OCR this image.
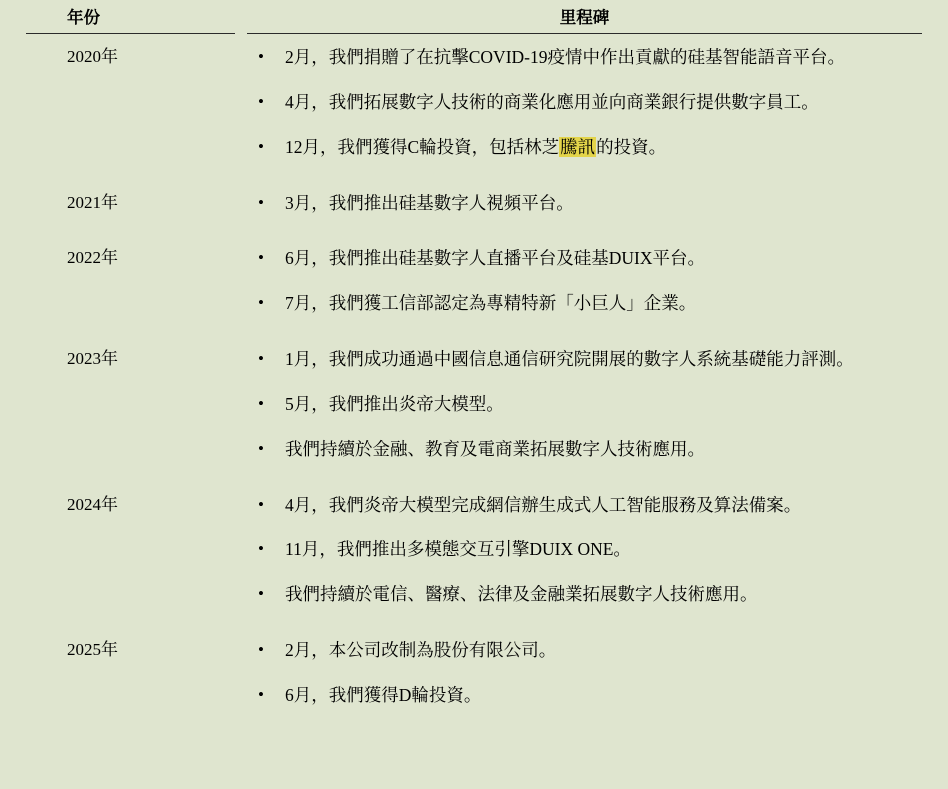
年份	里程碑

2020年	•	2月，我們捐贈了在抗擊COVID-19疫情中作出貢獻的硅基智能語音平台。
•	4月，我們拓展數字人技術的商業化應用並向商業銀行提供數字員工。
•	12月，我們獲得C輪投資，包括林芝騰訊的投資。

2021年	• 3月，我們推出硅基數字人視頻平台。

2022年	• 6月，我們推出硅基數字人直播平台及硅基DUIX平台。
• 7月，我們獲工信部認定為專精特新「小巨人」企業。

2023年	•	1月，我們成功通過中國信息通信研究院開展的數字人系統基礎能力評測。
•	5月，我們推出炎帝大模型。
•	我們持續於金融、教育及電商業拓展數字人技術應用。

2024年	•	4月，我們炎帝大模型完成網信辦生成式人工智能服務及算法備案。
•	11月，我們推出多模態交互引擎DUIX ONE。
•	我們持續於電信、醫療、法律及金融業拓展數字人技術應用。

2025年	• 2月，本公司改制為股份有限公司。
• 6月，我們獲得D輪投資。
